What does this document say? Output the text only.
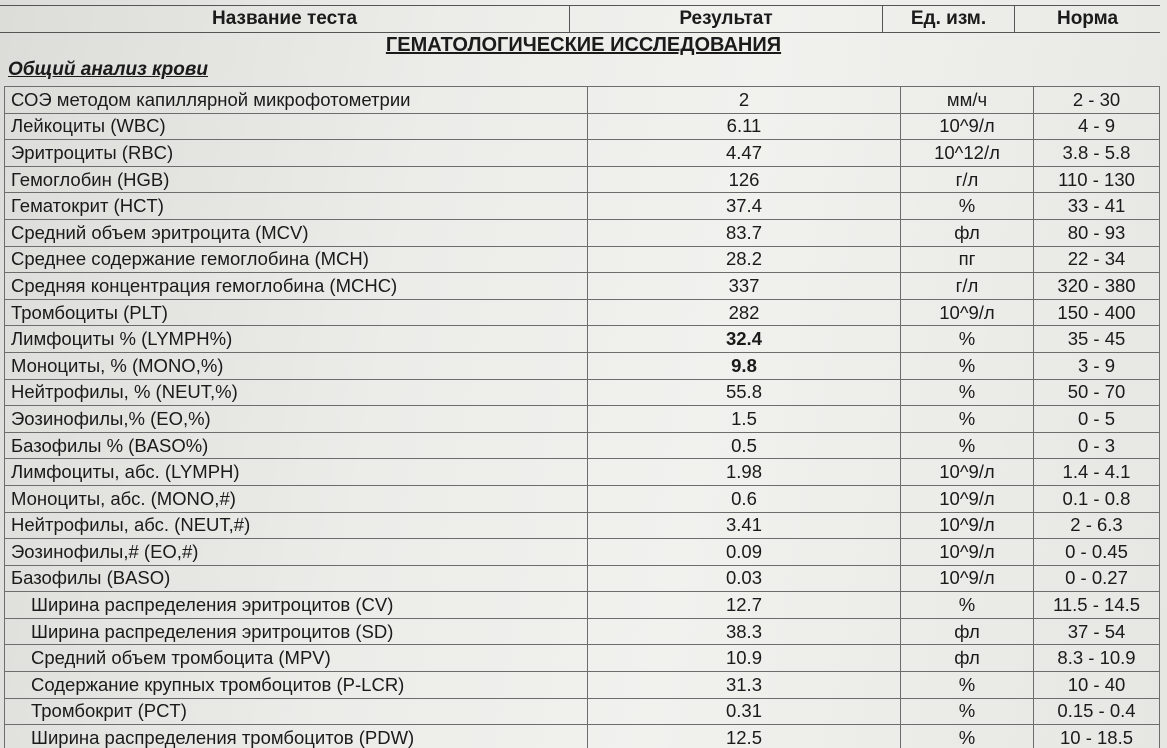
Название теста	Результат	Ед. изм.	Норма
ГЕМАТОЛОГИЧЕСКИЕ ИССЛЕДОВАНИЯ
Общий анализ крови
СОЭ методом капиллярной микрофотометрии	2	мм/ч	2 - 30
Лейкоциты (WBC)	6.11	10^9/л	4 - 9
Эритроциты (RBC)	4.47	10^12/л	3.8 - 5.8
Гемоглобин (HGB)	126	г/л	110 - 130
Гематокрит (HCT)	37.4	%	33 - 41
Средний объем эритроцита (MCV)	83.7	фл	80 - 93
Среднее содержание гемоглобина (MCH)	28.2	пг	22 - 34
Средняя концентрация гемоглобина (MCHC)	337	г/л	320 - 380
Тромбоциты (PLT)	282	10^9/л	150 - 400
Лимфоциты % (LYMPH%)	32.4	%	35 - 45
Моноциты, % (MONO,%)	9.8	%	3 - 9
Нейтрофилы, % (NEUT,%)	55.8	%	50 - 70
Эозинофилы,% (EO,%)	1.5	%	0 - 5
Базофилы % (BASO%)	0.5	%	0 - 3
Лимфоциты, абс. (LYMPH)	1.98	10^9/л	1.4 - 4.1
Моноциты, абс. (MONO,#)	0.6	10^9/л	0.1 - 0.8
Нейтрофилы, абс. (NEUT,#)	3.41	10^9/л	2 - 6.3
Эозинофилы,# (EO,#)	0.09	10^9/л	0 - 0.45
Базофилы (BASO)	0.03	10^9/л	0 - 0.27
Ширина распределения эритроцитов (CV)	12.7	%	11.5 - 14.5
Ширина распределения эритроцитов (SD)	38.3	фл	37 - 54
Средний объем тромбоцита (MPV)	10.9	фл	8.3 - 10.9
Содержание крупных тромбоцитов (P-LCR)	31.3	%	10 - 40
Тромбокрит (PCT)	0.31	%	0.15 - 0.4
Ширина распределения тромбоцитов (PDW)	12.5	%	10 - 18.5
